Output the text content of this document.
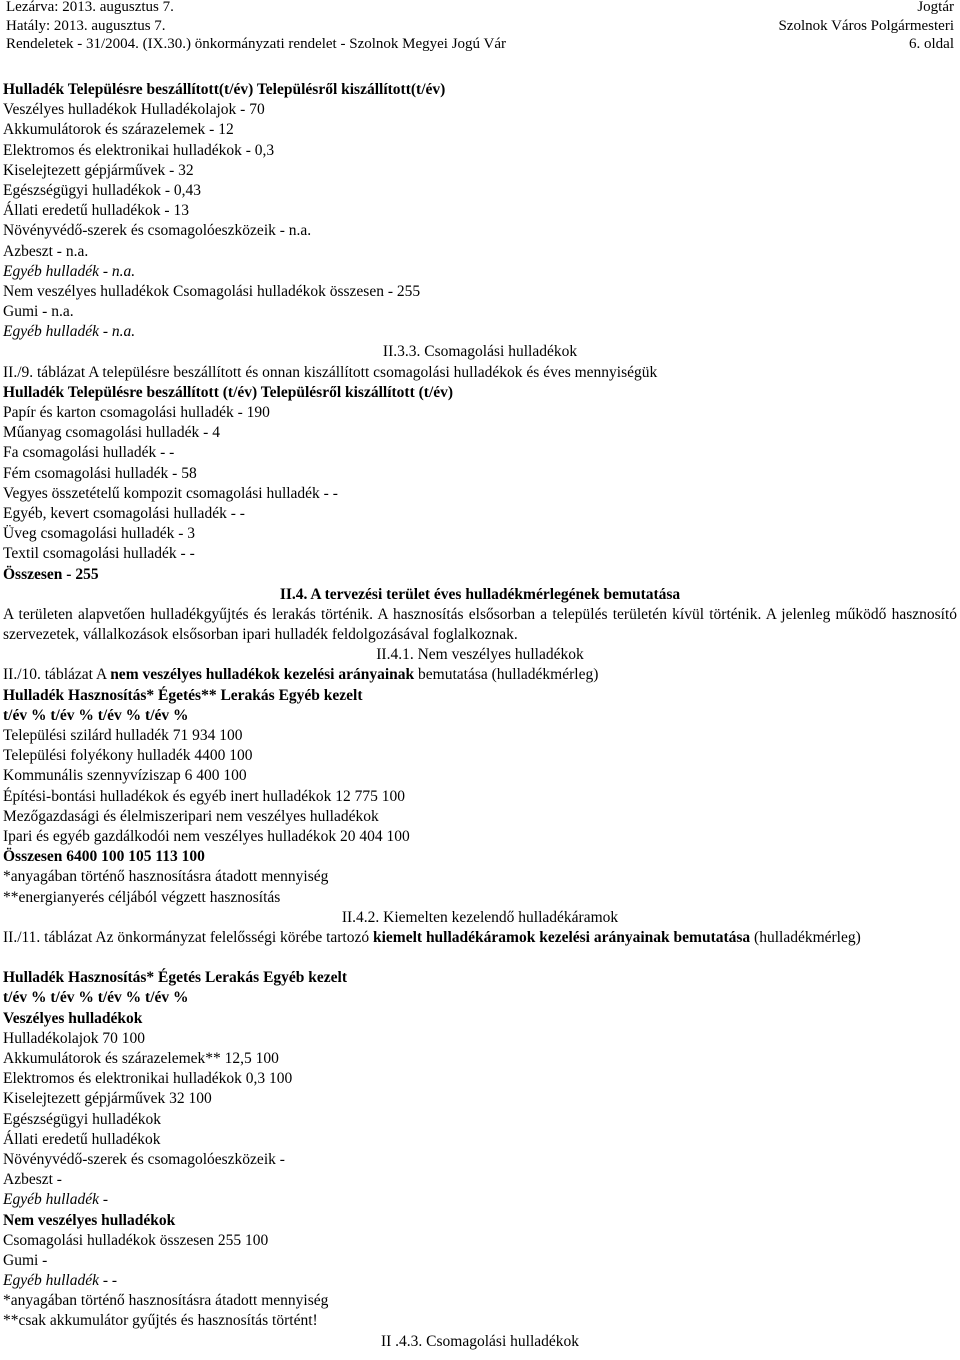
Lezárva: 2013. augusztus 7.
Hatály: 2013. augusztus 7.
Rendeletek - 31/2004. (IX.30.) önkormányzati rendelet - Szolnok Megyei Jogú Vár
Jogtár
Szolnok Város Polgármesteri
6. oldal
Hulladék Településre beszállított(t/év) Településről kiszállított(t/év)
Veszélyes hulladékok Hulladékolajok - 70
Akkumulátorok és szárazelemek - 12
Elektromos és elektronikai hulladékok - 0,3
Kiselejtezett gépjárművek - 32
Egészségügyi hulladékok - 0,43
Állati eredetű hulladékok - 13
Növényvédő-szerek és csomagolóeszközeik - n.a.
Azbeszt - n.a.
Egyéb hulladék - n.a.
Nem veszélyes hulladékok Csomagolási hulladékok összesen - 255
Gumi - n.a.
Egyéb hulladék - n.a.
II.3.3. Csomagolási hulladékok
II./9. táblázat A településre beszállított és onnan kiszállított csomagolási hulladékok és éves mennyiségük
Hulladék Településre beszállított (t/év) Településről kiszállított (t/év)
Papír és karton csomagolási hulladék - 190
Műanyag csomagolási hulladék - 4
Fa csomagolási hulladék - -
Fém csomagolási hulladék - 58
Vegyes összetételű kompozit csomagolási hulladék - -
Egyéb, kevert csomagolási hulladék - -
Üveg csomagolási hulladék - 3
Textil csomagolási hulladék - -
Összesen - 255
II.4. A tervezési terület éves hulladékmérlegének bemutatása
A területen alapvetően hulladékgyűjtés és lerakás történik. A hasznosítás elsősorban a település területén kívül történik. A jelenleg működő hasznosító szervezetek, vállalkozások elsősorban ipari hulladék feldolgozásával foglalkoznak.
II.4.1. Nem veszélyes hulladékok
II./10. táblázat A nem veszélyes hulladékok kezelési arányainak bemutatása (hulladékmérleg)
Hulladék Hasznosítás* Égetés** Lerakás Egyéb kezelt
t/év % t/év % t/év % t/év %
Települési szilárd hulladék 71 934 100
Települési folyékony hulladék 4400 100
Kommunális szennyvíziszap 6 400 100
Építési-bontási hulladékok és egyéb inert hulladékok 12 775 100
Mezőgazdasági és élelmiszeripari nem veszélyes hulladékok
Ipari és egyéb gazdálkodói nem veszélyes hulladékok 20 404 100
Összesen 6400 100 105 113 100
*anyagában történő hasznosításra átadott mennyiség
**energianyerés céljából végzett hasznosítás
II.4.2. Kiemelten kezelendő hulladékáramok
II./11. táblázat Az önkormányzat felelősségi körébe tartozó kiemelt hulladékáramok kezelési arányainak bemutatása (hulladékmérleg)
Hulladék Hasznosítás* Égetés Lerakás Egyéb kezelt
t/év % t/év % t/év % t/év %
Veszélyes hulladékok
Hulladékolajok 70 100
Akkumulátorok és szárazelemek** 12,5 100
Elektromos és elektronikai hulladékok 0,3 100
Kiselejtezett gépjárművek 32 100
Egészségügyi hulladékok
Állati eredetű hulladékok
Növényvédő-szerek és csomagolóeszközeik -
Azbeszt -
Egyéb hulladék -
Nem veszélyes hulladékok
Csomagolási hulladékok összesen 255 100
Gumi -
Egyéb hulladék - -
*anyagában történő hasznosításra átadott mennyiség
**csak akkumulátor gyűjtés és hasznosítás történt!
II .4.3. Csomagolási hulladékok
